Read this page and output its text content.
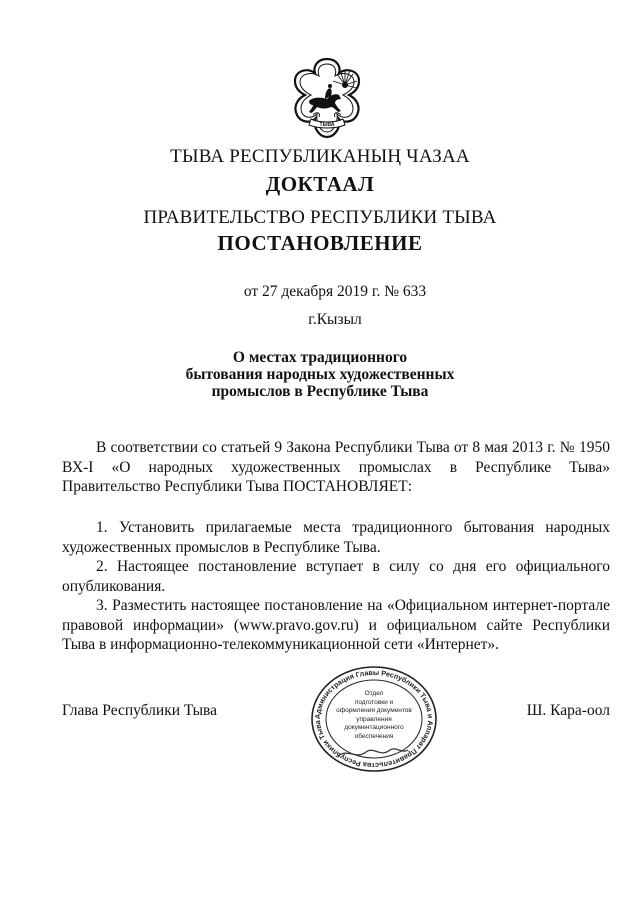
ТЫВА
ТЫВА РЕСПУБЛИКАНЫҢ ЧАЗАА
ДОКТААЛ
ПРАВИТЕЛЬСТВО РЕСПУБЛИКИ ТЫВА
ПОСТАНОВЛЕНИЕ
от 27 декабря 2019 г. № 633
г.Кызыл
О местах традиционного
бытования народных художественных
промыслов в Республике Тыва

В соответствии со статьей 9 Закона Республики Тыва от 8 мая 2013 г. № 1950 ВХ-I «О народных художественных промыслах в Республике Тыва» Правительство Республики Тыва ПОСТАНОВЛЯЕТ:

1. Установить прилагаемые места традиционного бытования народных художественных промыслов в Республике Тыва.

2. Настоящее постановление вступает в силу со дня его официального опубликования.

3. Разместить настоящее постановление на «Официальном интернет-портале правовой информации» (www.pravo.gov.ru) и официальном сайте Республики Тыва в информационно-телекоммуникационной сети «Интернет».

Глава Республики Тыва	Ш. Кара-оол
Администрация Главы Республики Тыва и Аппарат Правительства Республики Тыва
Отдел
подготовки и
оформления документов
управления
документационного
обеспечения
